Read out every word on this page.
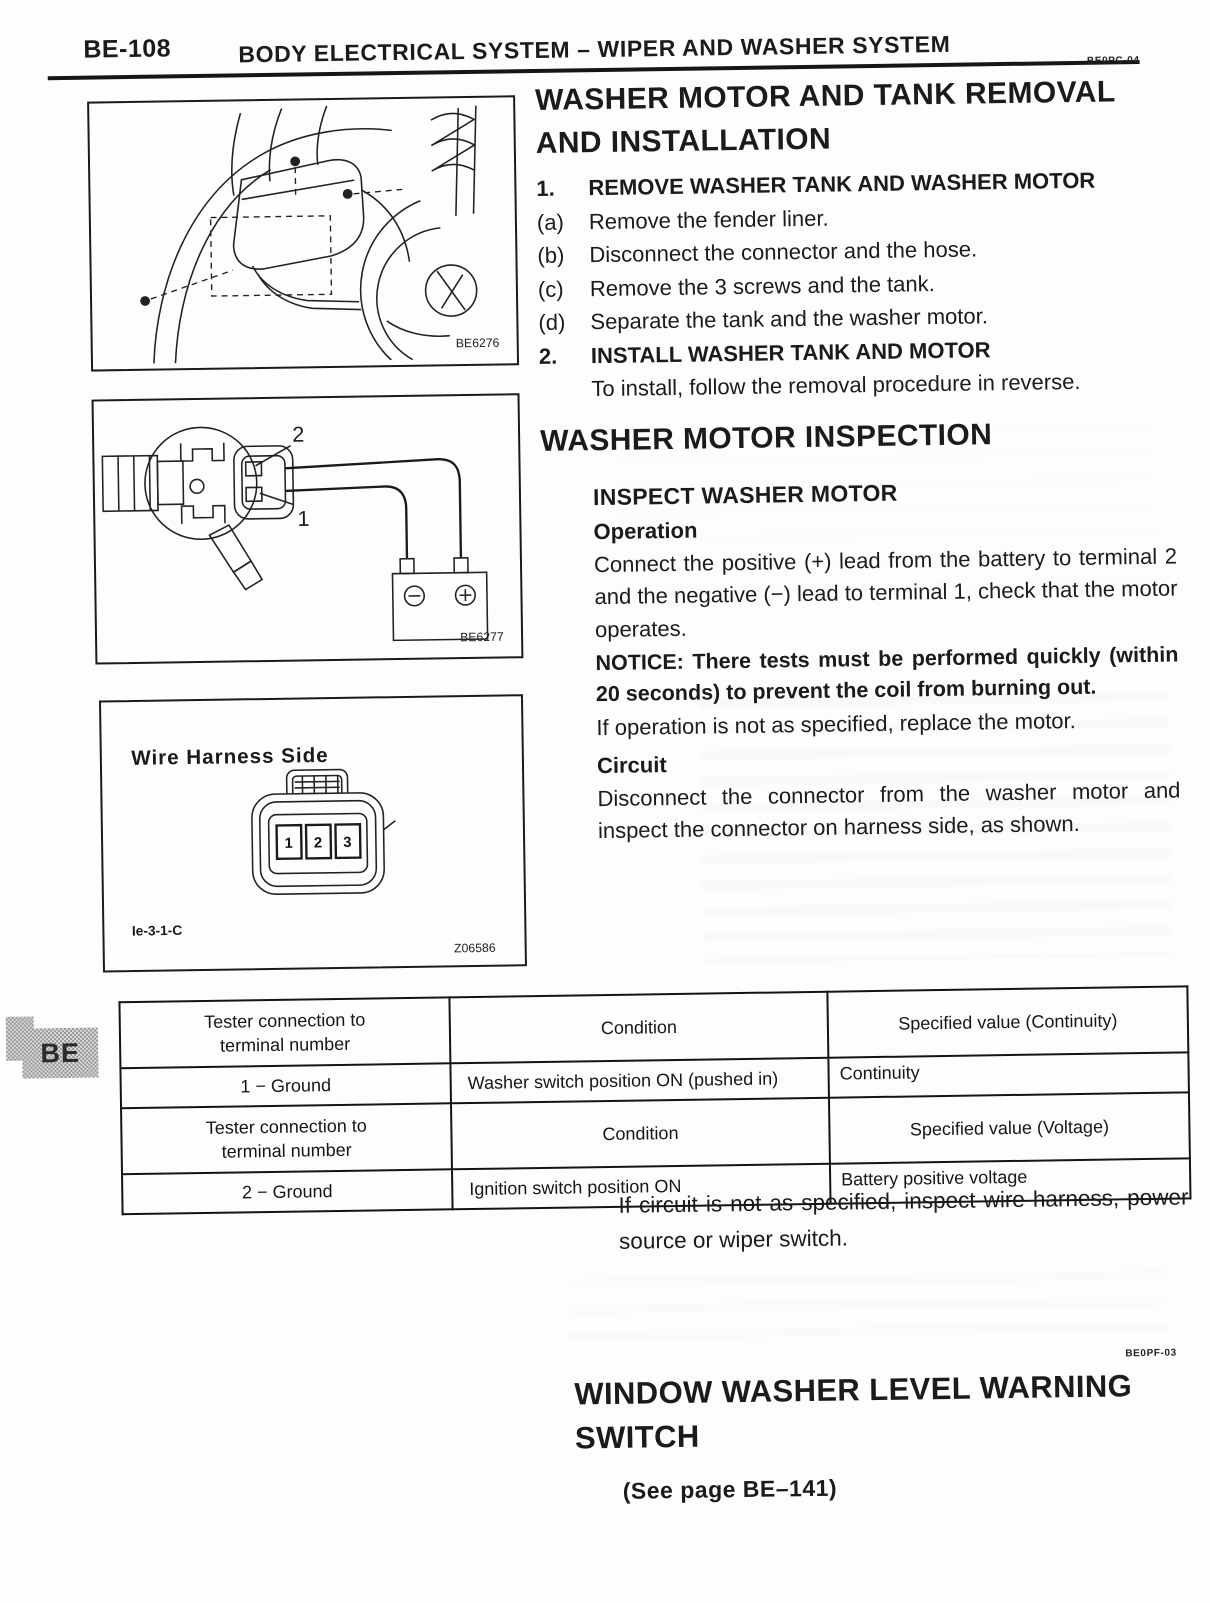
BE-108	BODY ELECTRICAL SYSTEM – WIPER AND WASHER SYSTEM	BE0PC-04
BE6276
2
1
BE6277
Wire Harness Side
1 2 3
Ie-3-1-C
Z06586
WASHER MOTOR AND TANK REMOVAL
AND INSTALLATION
1.	REMOVE WASHER TANK AND WASHER MOTOR
(a)	Remove the fender liner.
(b)	Disconnect the connector and the hose.
(c)	Remove the 3 screws and the tank.
(d)	Separate the tank and the washer motor.
2.	INSTALL WASHER TANK AND MOTOR
To install, follow the removal procedure in reverse.
WASHER MOTOR INSPECTION
INSPECT WASHER MOTOR
Operation
Connect the positive (+) lead from the battery to terminal 2 and the negative (−) lead to terminal 1, check that the motor operates.
NOTICE: There tests must be performed quickly (within 20 seconds) to prevent the coil from burning out.
If operation is not as specified, replace the motor.
Circuit
Disconnect the connector from the washer motor and inspect the connector on harness side, as shown.
BE
Tester connection to
terminal number	Condition	Specified value (Continuity)
1 − Ground	Washer switch position ON (pushed in)	Continuity
Tester connection to
terminal number	Condition	Specified value (Voltage)
2 − Ground	Ignition switch position ON	Battery positive voltage
If circuit is not as specified, inspect wire harness, power source or wiper switch.
BE0PF-03
WINDOW WASHER LEVEL WARNING
SWITCH
(See page BE–141)
